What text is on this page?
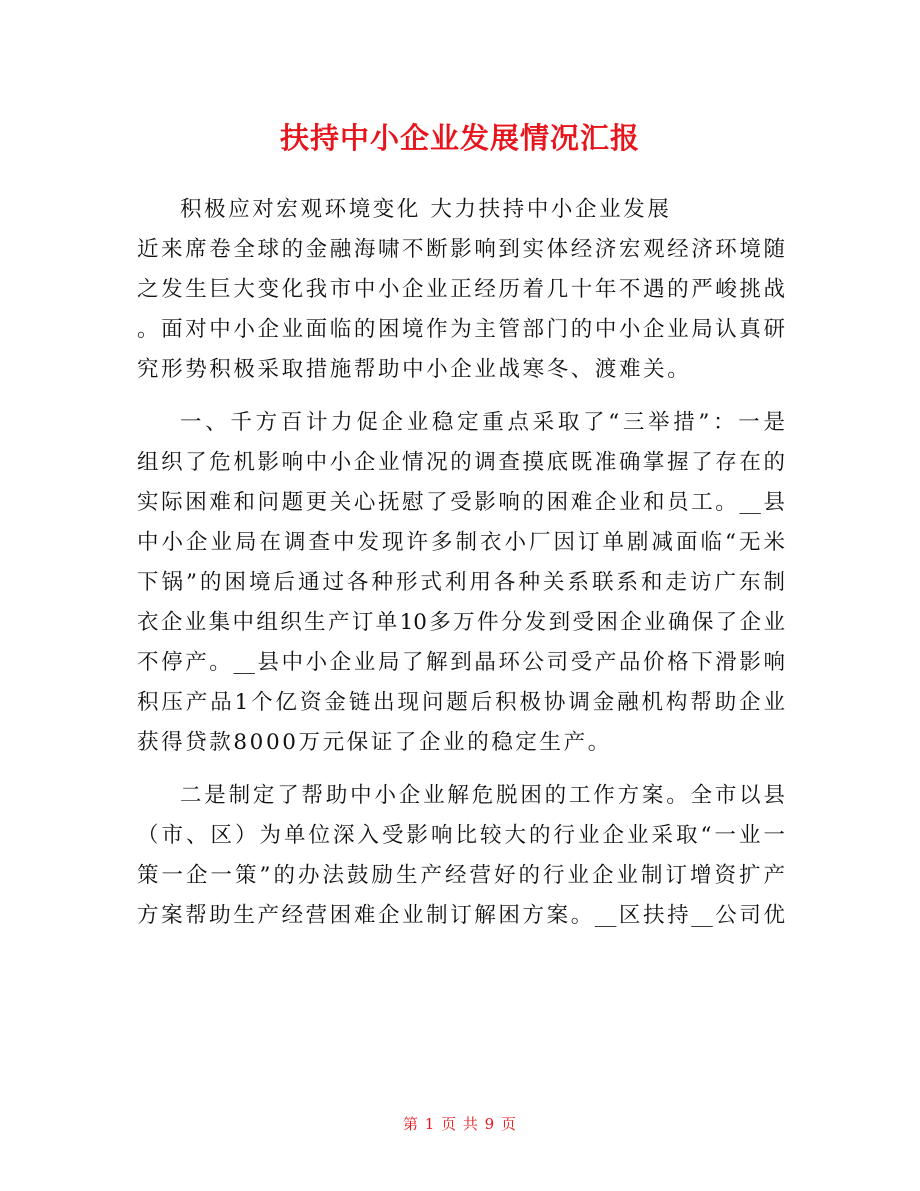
扶持中小企业发展情况汇报
积极应对宏观环境变化 大力扶持中小企业发展
近来席卷全球的金融海啸不断影响到实体经济宏观经济环境随
之发生巨大变化我市中小企业正经历着几十年不遇的严峻挑战
。面对中小企业面临的困境作为主管部门的中小企业局认真研
究形势积极采取措施帮助中小企业战寒冬、渡难关。
一、千方百计力促企业稳定重点采取了“三举措”：一是
组织了危机影响中小企业情况的调查摸底既准确掌握了存在的
实际困难和问题更关心抚慰了受影响的困难企业和员工。__县
中小企业局在调查中发现许多制衣小厂因订单剧减面临“无米
下锅”的困境后通过各种形式利用各种关系联系和走访广东制
衣企业集中组织生产订单10多万件分发到受困企业确保了企业
不停产。__县中小企业局了解到晶环公司受产品价格下滑影响
积压产品1个亿资金链出现问题后积极协调金融机构帮助企业
获得贷款8000万元保证了企业的稳定生产。
二是制定了帮助中小企业解危脱困的工作方案。全市以县
（市、区）为单位深入受影响比较大的行业企业采取“一业一
策一企一策”的办法鼓励生产经营好的行业企业制订增资扩产
方案帮助生产经营困难企业制订解困方案。__区扶持__公司优
第 1 页 共 9 页
